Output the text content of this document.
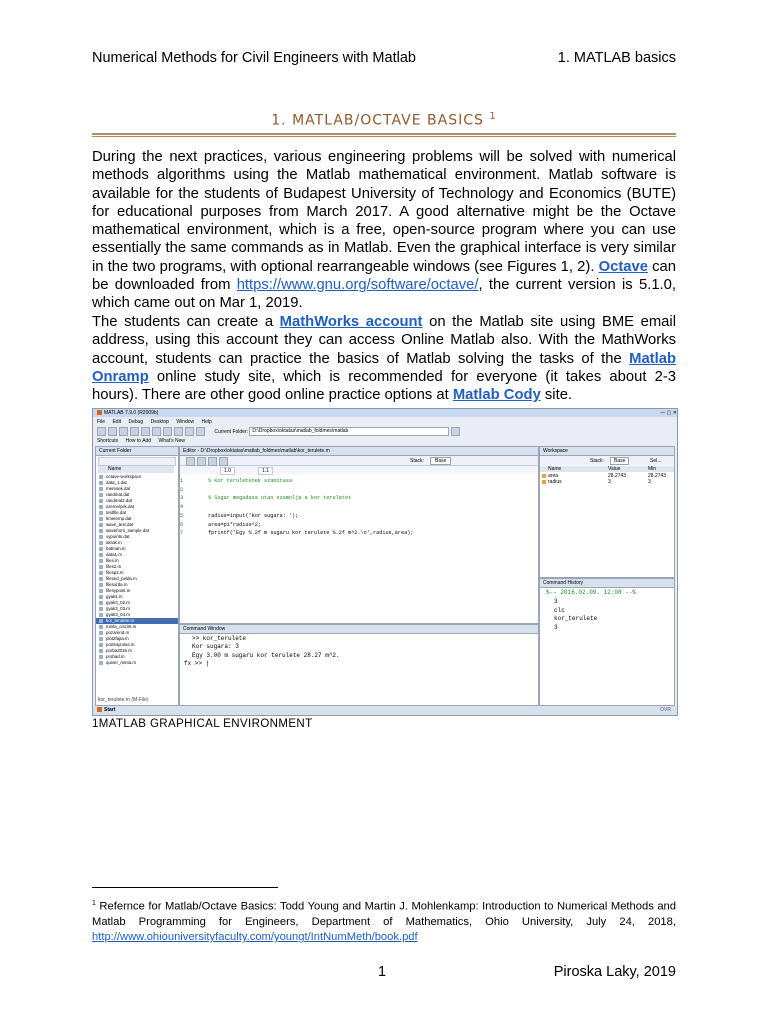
Numerical Methods for Civil Engineers with Matlab	1. MATLAB basics
1. MATLAB/OCTAVE BASICS $^1$
During the next practices, various engineering problems will be solved with numerical methods algorithms using the Matlab mathematical environment. Matlab software is available for the students of Budapest University of Technology and Economics (BUTE) for educational purposes from March 2017. A good alternative might be the Octave mathematical environment, which is a free, open-source program where you can use essentially the same commands as in Matlab. Even the graphical interface is very similar in the two programs, with optional rearrangeable windows (see Figures 1, 2). Octave can be downloaded from https://www.gnu.org/software/octave/, the current version is 5.1.0, which came out on Mar 1, 2019.
The students can create a MathWorks account on the Matlab site using BME email address, using this account they can access Online Matlab also. With the MathWorks account, students can practice the basics of Matlab solving the tasks of the Matlab Onramp online study site, which is recommended for everyone (it takes about 2-3 hours). There are other good online practice options at Matlab Cody site.
MATLAB 7.9.0 (R2009b)	— ▢ ✕
File Edit Debug Desktop Window Help
Current Folder: D:\Dropbox\oktatas\matlab_foldmes\matlab
Shortcuts How to Add What's New
Current Folder
Name
octave-workspace
data_1.dat
meresek.dat
randmat.dat
randmat2.dat
szemelyek.dat
testfile.dat
timetemp.dat
wave_test.dat
waveform_sample.dat
xypoints.dat
akrak.m
batman.m
data1.m
files.m
files2.m
filesp2.m
filesed_pelda.m
filesorda.m
filesypoint.m
gyak1.m
gyak3_02.m
gyak3_03.m
gyak3_04.m
kor_terulete.m
minta_ciszint.m
pozarend.m
plot2fajta.m
pontrajzolas.m
proba2016.m
probad.m
quiver_minta.m
kor_terulete.m (M-File)
Editor - D:\Dropbox\oktatas\matlab_foldmes\matlab\kor_terulete.m
Stack:	Base
1.0	1.1
1
2
3
4
5
6
7
% Kor teruletenek szamitasa

% Sugar megadasa utan szamolja a kor teruletet

radius=input('Kor sugara: ');
area=pi*radius^2;
fprintf('Egy %.2f m sugaru kor terulete %.2f m^2.\n',radius,area);
Workspace
Stack:	Base	Sel...
Name	Value	Min
area	28.2743	28.2743
radius	3	3
Command History
%-- 2016.02.09. 12:08 --%
3
clc
kor_terulete
3
Command Window
>> kor_terulete
Kor sugara: 3
Egy 3.00 m sugaru kor terulete 28.27 m^2.
fx >> |
Start	OVR
1MATLAB GRAPHICAL ENVIRONMENT
$^1$ Refernce for Matlab/Octave Basics: Todd Young and Martin J. Mohlenkamp: Introduction to Numerical Methods and Matlab Programming for Engineers, Department of Mathematics, Ohio University, July 24, 2018, http://www.ohiouniversityfaculty.com/youngt/IntNumMeth/book.pdf
1	Piroska Laky, 2019
